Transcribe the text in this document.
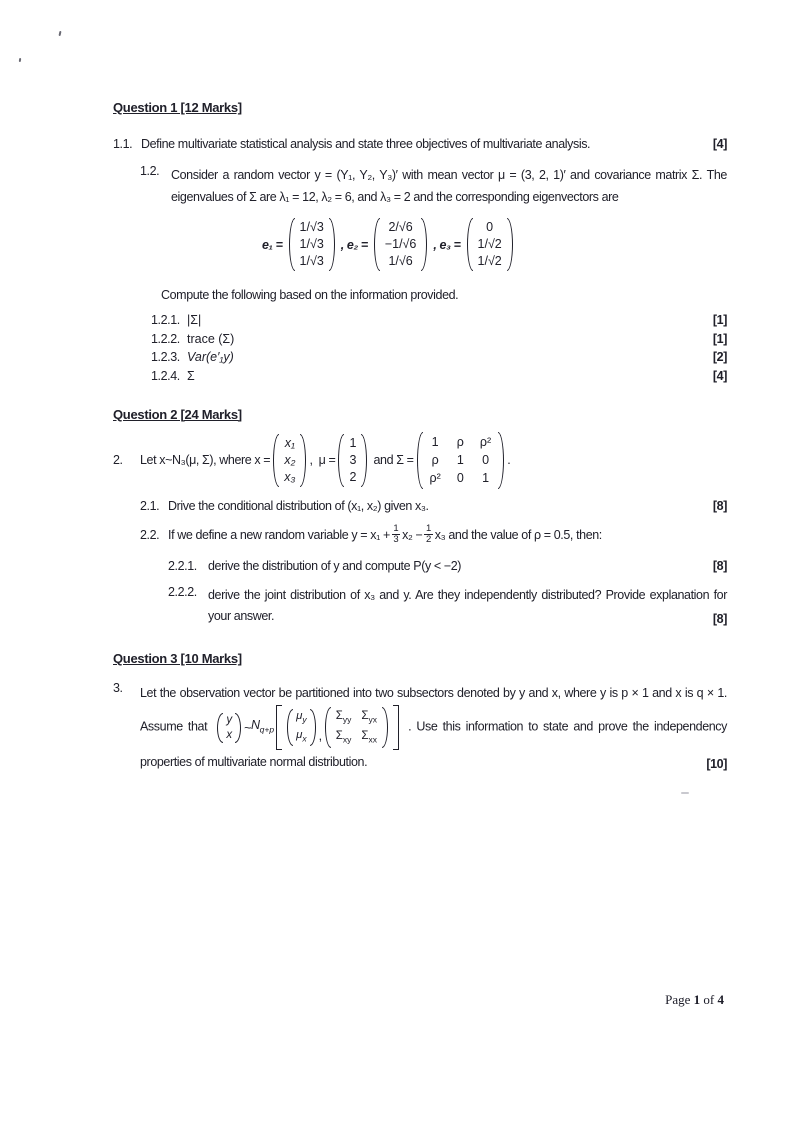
Question 1 [12 Marks]
1.1. Define multivariate statistical analysis and state three objectives of multivariate analysis.	[4]
1.2. Consider a random vector y = (Y₁, Y₂, Y₃)′ with mean vector μ = (3, 2, 1)′ and covariance matrix Σ. The eigenvalues of Σ are λ₁ = 12, λ₂ = 6, and λ₃ = 2 and the corresponding eigenvectors are
e₁ =
1/√3
1/√3
1/√3
, e₂ =
2/√6
−1/√6
1/√6
, e₃ =
0
1/√2
1/√2
Compute the following based on the information provided.
1.2.1. |Σ|	[1]
1.2.2. trace (Σ)	[1]
1.2.3. Var(e′₁y)	[2]
1.2.4. Σ	[4]
Question 2 [24 Marks]
2.	Let x~N₃(μ, Σ), where x =
x₁
x₂
x₃
,  μ =
1
3
2
and Σ =
1 ρ ρ²
ρ 1 0
ρ² 0 1
.
2.1. Drive the conditional distribution of (x₁, x₂) given x₃.	[8]
2.2. If we define a new random variable $y = x_1 + \frac{1}{3} x_2 - \frac{1}{2} x_3$ and the value of ρ = 0.5, then:
2.2.1. derive the distribution of y and compute P(y < −2)	[8]
2.2.2. derive the joint distribution of x₃ and y. Are they independently distributed? Provide explanation for your answer.	[8]
Question 3 [10 Marks]
3.	Let the observation vector be partitioned into two subsectors denoted by y and x, where y is p × 1 and x is q × 1. Assume that
y
x ~ $N_{q+p}$
$\mu_y$
$\mu_x$ ,
$\Sigma_{yy}$ $\Sigma_{yx}$
$\Sigma_{xy}$ $\Sigma_{xx}$
. Use this information to state and prove the independency properties of multivariate normal distribution.	[10]
Page 1 of 4
